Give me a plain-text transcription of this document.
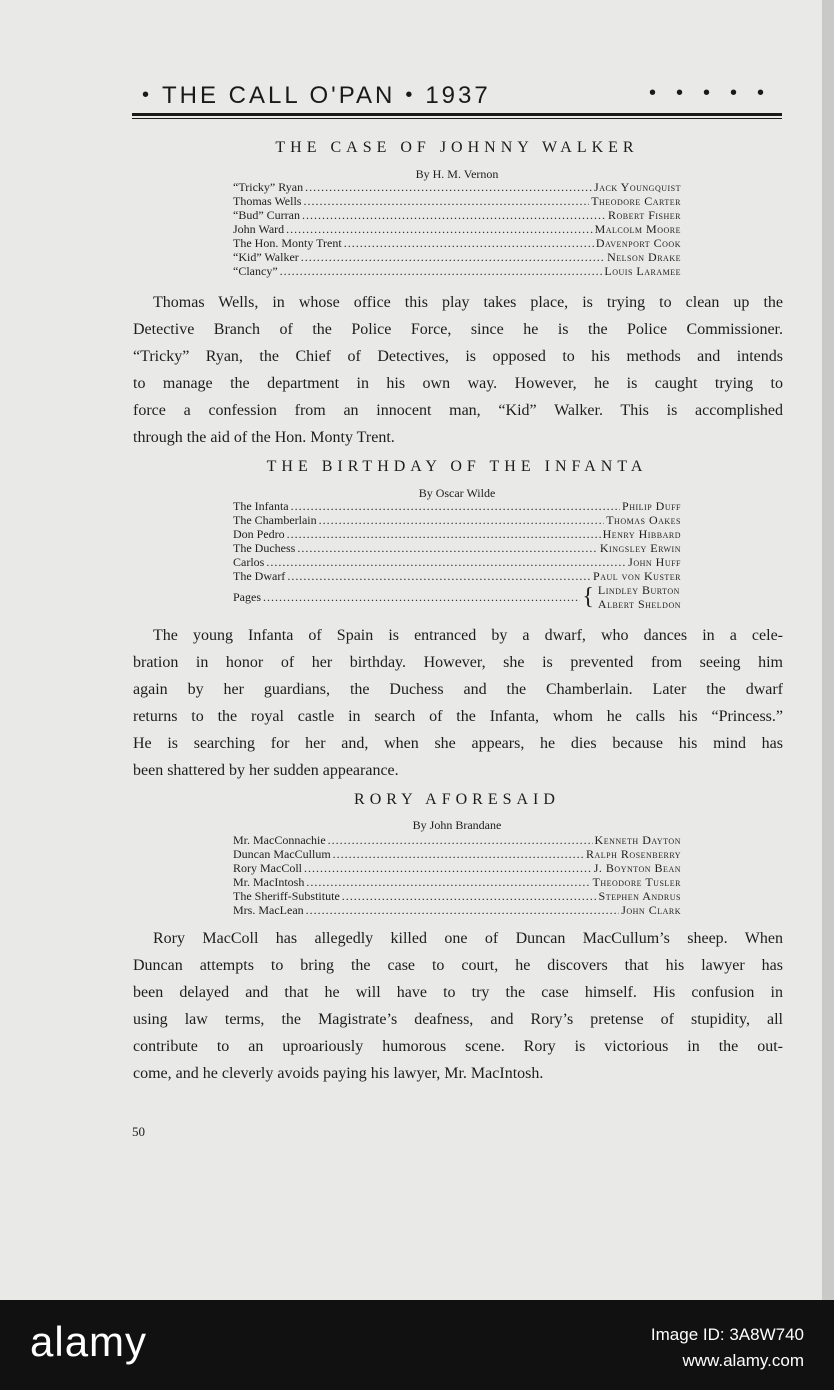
• THE CALL O'PAN • 1937	•••••
THE CASE OF JOHNNY WALKER
By H. M. Vernon
“Tricky” Ryan .....	Jack Youngquist
Thomas Wells .....	Theodore Carter
“Bud” Curran .....	Robert Fisher
John Ward .....	Malcolm Moore
The Hon. Monty Trent .....	Davenport Cook
“Kid” Walker .....	Nelson Drake
“Clancy” .....	Louis Laramee
Thomas Wells, in whose office this play takes place, is trying to clean up the
Detective Branch of the Police Force, since he is the Police Commissioner.
“Tricky” Ryan, the Chief of Detectives, is opposed to his methods and intends
to manage the department in his own way. However, he is caught trying to
force a confession from an innocent man, “Kid” Walker. This is accomplished
through the aid of the Hon. Monty Trent.
THE BIRTHDAY OF THE INFANTA
By Oscar Wilde
The Infanta .....	Philip Duff
The Chamberlain .....	Thomas Oakes
Don Pedro .....	Henry Hibbard
The Duchess .....	Kingsley Erwin
Carlos .....	John Huff
The Dwarf .....	Paul von Kuster
Pages .....	{ Lindley Burton
Albert Sheldon
The young Infanta of Spain is entranced by a dwarf, who dances in a cele-
bration in honor of her birthday. However, she is prevented from seeing him
again by her guardians, the Duchess and the Chamberlain. Later the dwarf
returns to the royal castle in search of the Infanta, whom he calls his “Princess.”
He is searching for her and, when she appears, he dies because his mind has
been shattered by her sudden appearance.
RORY AFORESAID
By John Brandane
Mr. MacConnachie .....	Kenneth Dayton
Duncan MacCullum .....	Ralph Rosenberry
Rory MacColl .....	J. Boynton Bean
Mr. MacIntosh .....	Theodore Tusler
The Sheriff-Substitute .....	Stephen Andrus
Mrs. MacLean .....	John Clark
Rory MacColl has allegedly killed one of Duncan MacCullum’s sheep. When
Duncan attempts to bring the case to court, he discovers that his lawyer has
been delayed and that he will have to try the case himself. His confusion in
using law terms, the Magistrate’s deafness, and Rory’s pretense of stupidity, all
contribute to an uproariously humorous scene. Rory is victorious in the out-
come, and he cleverly avoids paying his lawyer, Mr. MacIntosh.
50
alamy	Image ID: 3A8W740
www.alamy.com
